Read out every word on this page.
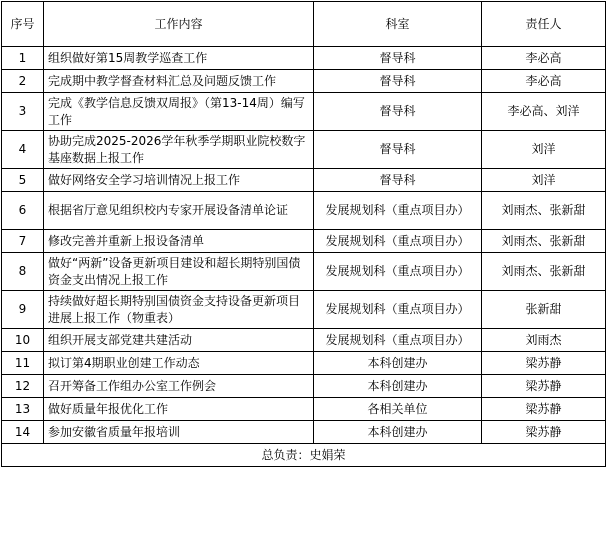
序号	工作内容	科室	责任人
1	组织做好第15周教学巡查工作	督导科	李必高
2	完成期中教学督查材料汇总及问题反馈工作	督导科	李必高
3	完成《教学信息反馈双周报》（第13-14周）编写工作	督导科	李必高、刘洋
4	协助完成2025-2026学年秋季学期职业院校数字基座数据上报工作	督导科	刘洋
5	做好网络安全学习培训情况上报工作	督导科	刘洋
6	根据省厅意见组织校内专家开展设备清单论证	发展规划科（重点项目办）	刘雨杰、张新甜
7	修改完善并重新上报设备清单	发展规划科（重点项目办）	刘雨杰、张新甜
8	做好“两新”设备更新项目建设和超长期特别国债资金支出情况上报工作	发展规划科（重点项目办）	刘雨杰、张新甜
9	持续做好超长期特别国债资金支持设备更新项目进展上报工作（物重表）	发展规划科（重点项目办）	张新甜
10	组织开展支部党建共建活动	发展规划科（重点项目办）	刘雨杰
11	拟订第4期职业创建工作动态	本科创建办	梁苏静
12	召开筹备工作组办公室工作例会	本科创建办	梁苏静
13	做好质量年报优化工作	各相关单位	梁苏静
14	参加安徽省质量年报培训	本科创建办	梁苏静
总负责：史娟荣			
